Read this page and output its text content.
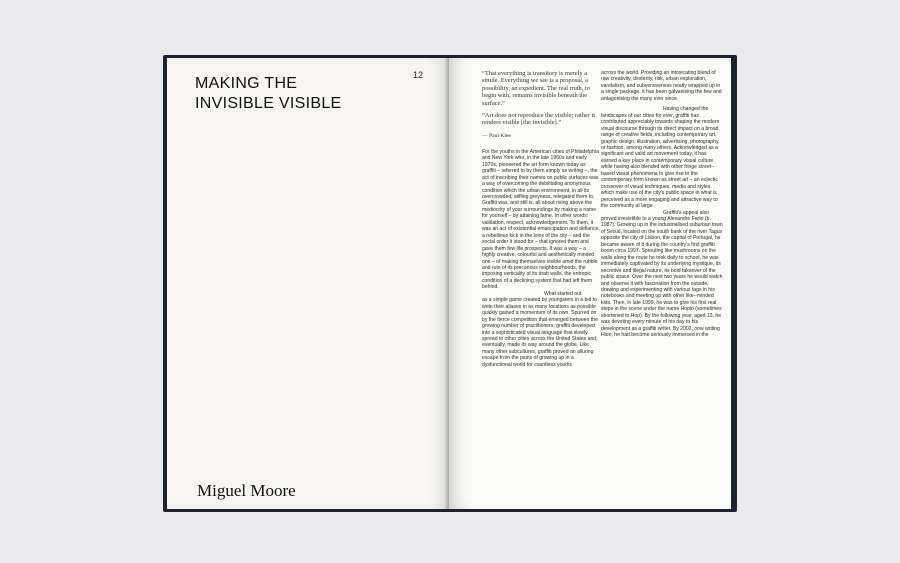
MAKING THE
INVISIBLE VISIBLE
12
Miguel Moore

“That everything is transitory is merely a simile. Everything we see is a proposal, a possibility, an expedient. The real truth, to begin with, remains invisible beneath the surface.”

“Art does not reproduce the visible; rather it renders visible [the invisible].”

— Paul Klee

For the youths in the American cities of Philadelphia and New York who, in the late 1960s and early 1970s, pioneered the art form known today as graffiti – referred to by them simply as writing –, the act of inscribing their names on public surfaces was a way of overcoming the debilitating anonymous condition which the urban environment, in all its overcrowded, stifling greyness, relegated them to. Graffiti was, and still is, all about rising above the mediocrity of your surroundings by making a name for yourself – by attaining fame. In other words: validation, respect, acknowledgement. To them, it was an act of existential emancipation and defiance, a rebellious kick in the loins of the city – and the social order it stood for – that ignored them and gave them few life prospects. It was a way – a highly creative, colourful and aesthetically minded one – of making themselves visible amid the rubble and ruin of its precarious neighbourhoods, the imposing verticality of its drab walls, the entropic condition of a declining system that had left them behind.

What started out

as a simple game created by youngsters in a bid to write their aliases in as many locations as possible quickly gained a momentum of its own. Spurred on by the fierce competition that emerged between the growing number of practitioners, graffiti developed into a sophisticated visual language that slowly spread to other cities across the United States and, eventually, made its way around the globe. Like many other subcultures, graffiti proved an alluring escape from the pains of growing up in a dysfunctional world for countless youths

across the world. Providing an intoxicating blend of raw creativity, dexterity, risk, urban exploration, vandalism, and subversiveness neatly wrapped up in a single package, it has been galvanising the few and antagonising the many ever since.

Having changed the

landscapes of our cities for ever, graffiti has contributed appreciably towards shaping the modern visual discourse through its direct impact on a broad range of creative fields, including contemporary art, graphic design, illustration, advertising, photography, or fashion, among many others. Acknowledged as a significant and valid art movement today, it has earned a key place in contemporary visual culture while having also blended with other fringe street--based visual phenomena to give rise to the contemporary form known as street art – an eclectic crossover of visual techniques, media and styles which make use of the city’s public space in what is perceived as a more engaging and attractive way to the community at large.

Graffiti’s appeal also

proved irresistible to a young Alexandre Farto (b. 1987). Growing up in the industrialised suburban town of Seixal, located on the south bank of the river Tagus opposite the city of Lisbon, the capital of Portugal, he became aware of it during the country’s first graffiti boom circa 1997. Sprouting like mushrooms on the walls along the route he took daily to school, he was immediately captivated by its underlying mystique, its secretive and illegal nature, its bold takeover of the public space. Over the next two years he would watch and observe it with fascination from the outside, drawing and experimenting with various tags in his notebooks and meeting up with other like--minded kids. Then, in late 1999, he was to give his first real steps in the scene under the name Hopio (sometimes shortened to Hop). By the following year, aged 13, he was devoting every minute of his day to his development as a graffiti writer. By 2002, now writing Hion, he had become seriously immersed in the
